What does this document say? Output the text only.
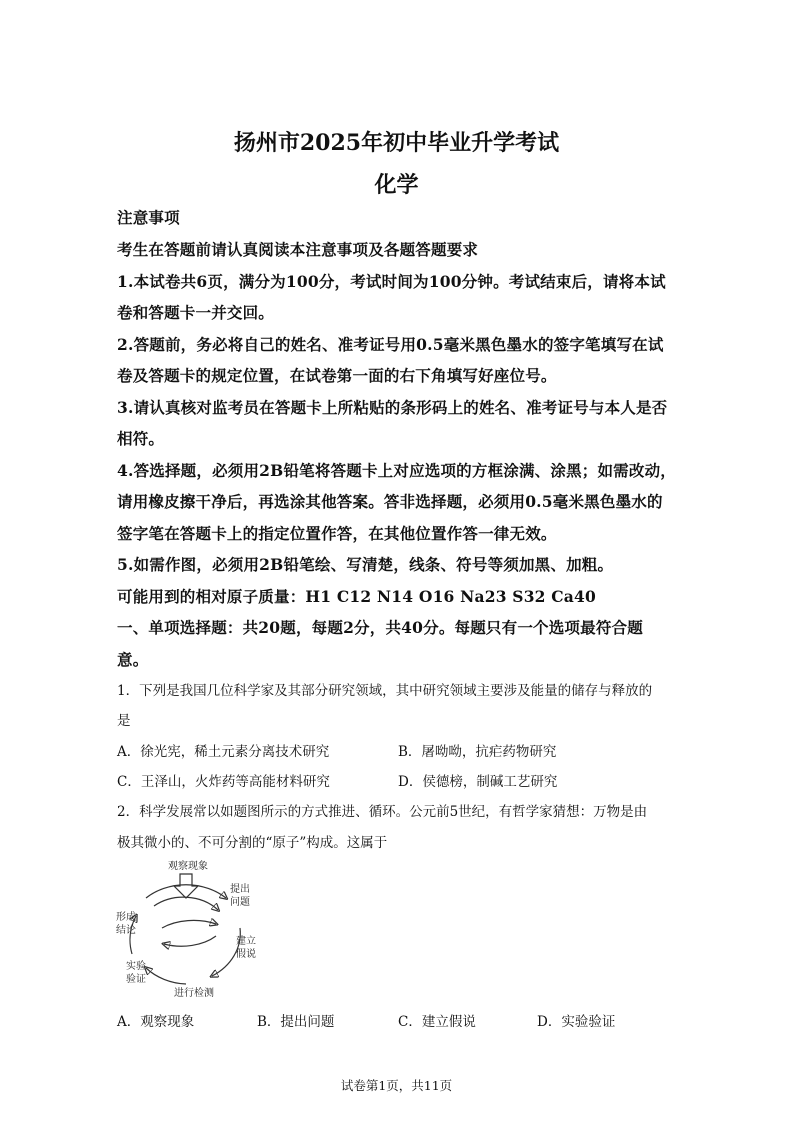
扬州市2025年初中毕业升学考试
化学
注意事项
考生在答题前请认真阅读本注意事项及各题答题要求
1.本试卷共6页，满分为100分，考试时间为100分钟。考试结束后，请将本试
卷和答题卡一并交回。
2.答题前，务必将自己的姓名、准考证号用0.5毫米黑色墨水的签字笔填写在试
卷及答题卡的规定位置，在试卷第一面的右下角填写好座位号。
3.请认真核对监考员在答题卡上所粘贴的条形码上的姓名、准考证号与本人是否
相符。
4.答选择题，必须用2B铅笔将答题卡上对应选项的方框涂满、涂黑；如需改动，
请用橡皮擦干净后，再选涂其他答案。答非选择题，必须用0.5毫米黑色墨水的
签字笔在答题卡上的指定位置作答，在其他位置作答一律无效。
5.如需作图，必须用2B铅笔绘、写清楚，线条、符号等须加黑、加粗。
可能用到的相对原子质量：H1 C12 N14 O16 Na23 S32 Ca40
一、单项选择题：共20题，每题2分，共40分。每题只有一个选项最符合题
意。
1．下列是我国几位科学家及其部分研究领域，其中研究领域主要涉及能量的储存与释放的
是
A．徐光宪，稀土元素分离技术研究	B．屠呦呦，抗疟药物研究
C．王泽山，火炸药等高能材料研究	D．侯德榜，制碱工艺研究
2．科学发展常以如题图所示的方式推进、循环。公元前5世纪，有哲学家猜想：万物是由
极其微小的、不可分割的“原子”构成。这属于
观察现象
提出
问题
建立
假说
进行检测
实验
验证
形成
结论
A．观察现象	B．提出问题	C．建立假说	D．实验验证
试卷第1页，共11页
